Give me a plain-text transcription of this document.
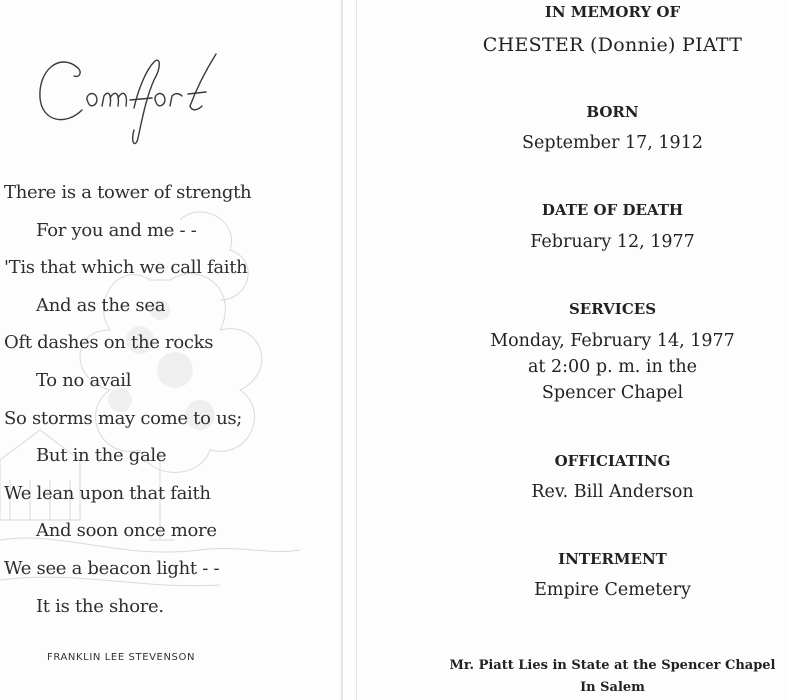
There is a tower of strength
For you and me - -
'Tis that which we call faith
And as the sea
Oft dashes on the rocks
To no avail
So storms may come to us;
But in the gale
We lean upon that faith
And soon once more
We see a beacon light - -
It is the shore.
FRANKLIN LEE STEVENSON
IN MEMORY OF
CHESTER (Donnie) PIATT
BORN
September 17, 1912
DATE OF DEATH
February 12, 1977
SERVICES
Monday, February 14, 1977
at 2:00 p. m. in the
Spencer Chapel
OFFICIATING
Rev. Bill Anderson
INTERMENT
Empire Cemetery
Mr. Piatt Lies in State at the Spencer Chapel
In Salem
